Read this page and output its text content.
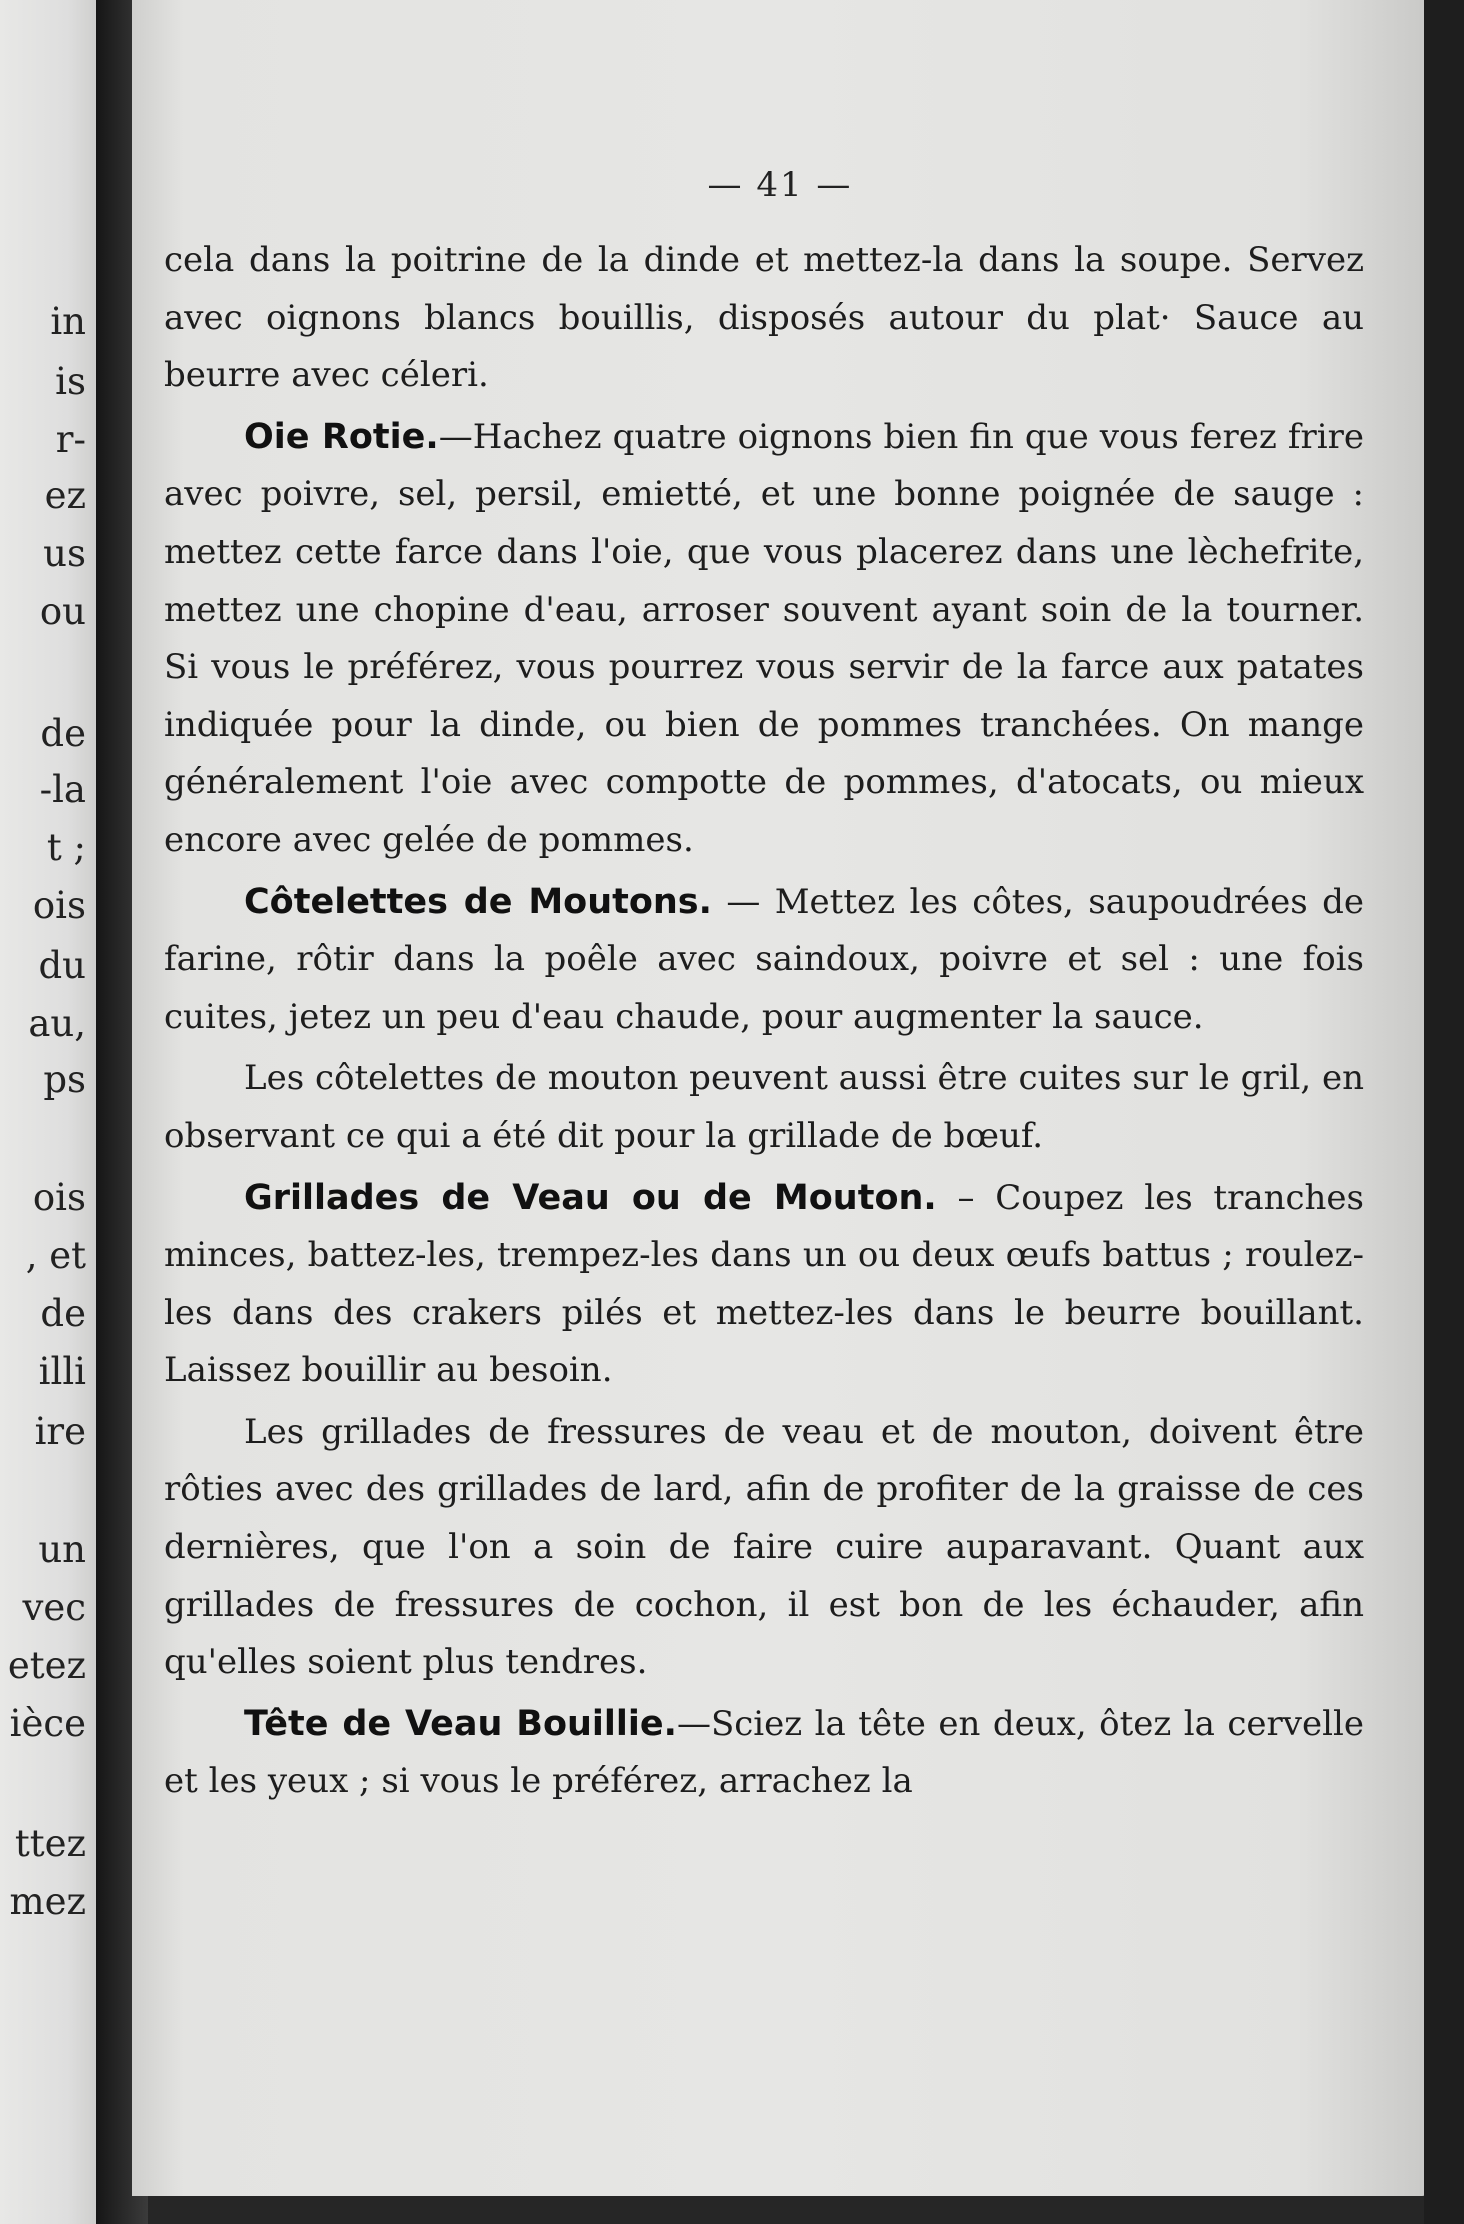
in
is
r-
ez
us
ou
de
-la
t ;
ois
du
au,
ps
ois
, et
de
illi
ire
un
vec
etez
ièce
ttez
mez
— 41 —

cela dans la poitrine de la dinde et mettez-la dans la soupe. Servez avec oignons blancs bouillis, disposés autour du plat· Sauce au beurre avec céleri.

Oie Rotie.—Hachez quatre oignons bien fin que vous ferez frire avec poivre, sel, persil, emietté, et une bonne poignée de sauge : mettez cette farce dans l'oie, que vous placerez dans une lèchefrite, mettez une chopine d'eau, arroser souvent ayant soin de la tourner. Si vous le préférez, vous pourrez vous servir de la farce aux patates indiquée pour la dinde, ou bien de pommes tranchées. On mange généralement l'oie avec compotte de pommes, d'atocats, ou mieux encore avec gelée de pommes.

Côtelettes de Moutons. — Mettez les côtes, saupoudrées de farine, rôtir dans la poêle avec saindoux, poivre et sel : une fois cuites, jetez un peu d'eau chaude, pour augmenter la sauce.

Les côtelettes de mouton peuvent aussi être cuites sur le gril, en observant ce qui a été dit pour la grillade de bœuf.

Grillades de Veau ou de Mouton. – Coupez les tranches minces, battez-les, trempez-les dans un ou deux œufs battus ; roulez-les dans des crakers pilés et mettez-les dans le beurre bouillant. Laissez bouillir au besoin.

Les grillades de fressures de veau et de mouton, doivent être rôties avec des grillades de lard, afin de profiter de la graisse de ces dernières, que l'on a soin de faire cuire auparavant. Quant aux grillades de fressures de cochon, il est bon de les échauder, afin qu'elles soient plus tendres.

Tête de Veau Bouillie.—Sciez la tête en deux, ôtez la cervelle et les yeux ; si vous le préférez, arrachez la
